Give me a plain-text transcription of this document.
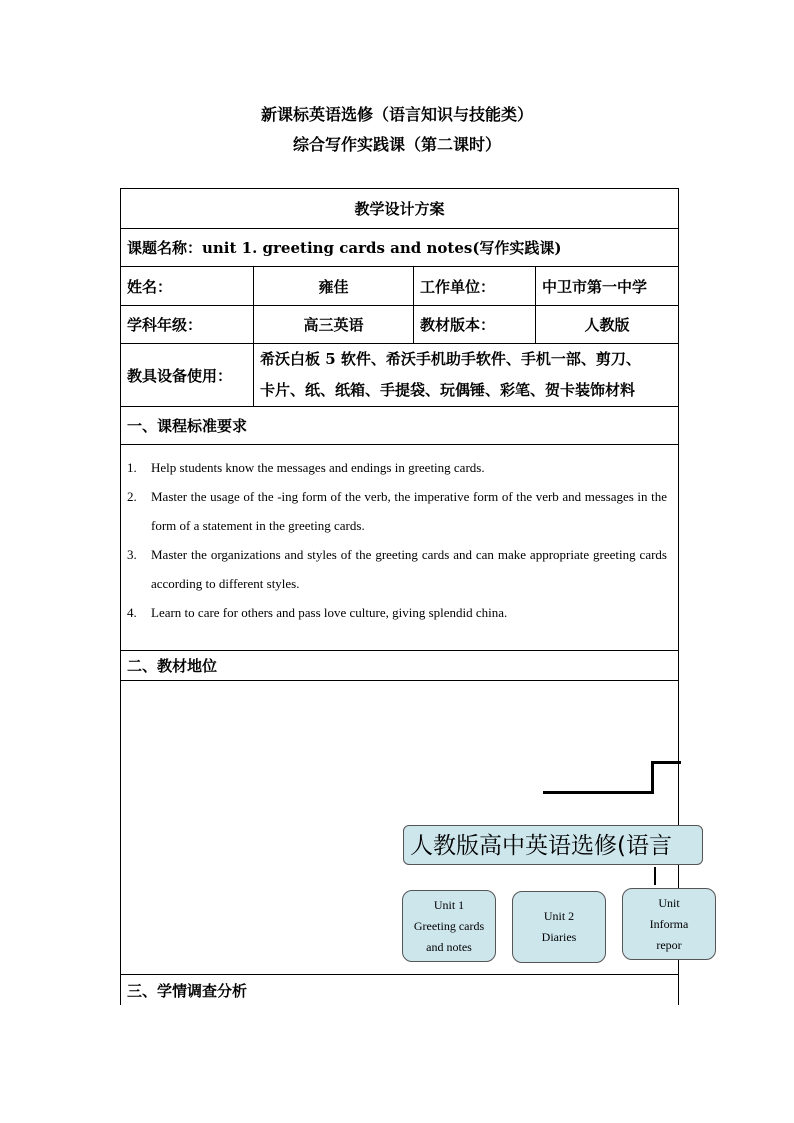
新课标英语选修（语言知识与技能类）
综合写作实践课（第二课时）
教学设计方案
课题名称：unit 1. greeting cards and notes(写作实践课)
姓名：	雍佳	工作单位：	中卫市第一中学
学科年级：	高三英语	教材版本：	人教版
教具设备使用：
希沃白板 5 软件、希沃手机助手软件、手机一部、剪刀、
卡片、纸、纸箱、手提袋、玩偶锤、彩笔、贺卡装饰材料
一、课程标准要求
1. Help students know the messages and endings in greeting cards.
2. Master the usage of the -ing form of the verb, the imperative form of the verb and messages in the form of a statement in the greeting cards.
3. Master the organizations and styles of the greeting cards and can make appropriate greeting cards according to different styles.
4. Learn to care for others and pass love culture, giving splendid china.
二、教材地位
人教版高中英语选修(语言
Unit 1
Greeting cards
and notes
Unit 2
Diaries
Unit
Informa
repor
三、学情调查分析
